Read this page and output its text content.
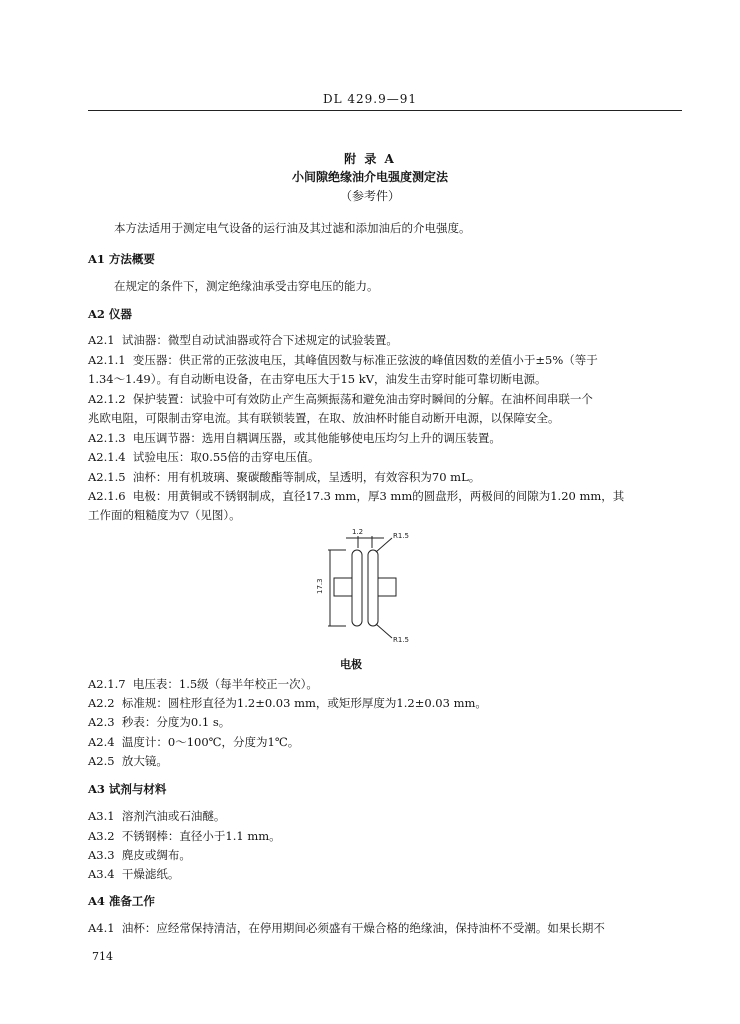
DL 429.9—91
附 录 A
小间隙绝缘油介电强度测定法
（参考件）
本方法适用于测定电气设备的运行油及其过滤和添加油后的介电强度。
A1 方法概要
在规定的条件下，测定绝缘油承受击穿电压的能力。
A2 仪器
A2.1 试油器：微型自动试油器或符合下述规定的试验装置。
A2.1.1 变压器：供正常的正弦波电压，其峰值因数与标准正弦波的峰值因数的差值小于±5%（等于
1.34～1.49）。有自动断电设备，在击穿电压大于15 kV，油发生击穿时能可靠切断电源。
A2.1.2 保护装置：试验中可有效防止产生高频振荡和避免油击穿时瞬间的分解。在油杯间串联一个
兆欧电阻，可限制击穿电流。其有联锁装置，在取、放油杯时能自动断开电源，以保障安全。
A2.1.3 电压调节器：选用自耦调压器，或其他能够使电压均匀上升的调压装置。
A2.1.4 试验电压：取0.55倍的击穿电压值。
A2.1.5 油杯：用有机玻璃、聚碳酸酯等制成，呈透明，有效容积为70 mL。
A2.1.6 电极：用黄铜或不锈钢制成，直径17.3 mm，厚3 mm的圆盘形，两极间的间隙为1.20 mm，其
工作面的粗糙度为▽（见图）。
1.2
17.3
R1.5
R1.5
电极
A2.1.7 电压表：1.5级（每半年校正一次）。
A2.2 标准规：圆柱形直径为1.2±0.03 mm，或矩形厚度为1.2±0.03 mm。
A2.3 秒表：分度为0.1 s。
A2.4 温度计：0～100℃，分度为1℃。
A2.5 放大镜。
A3 试剂与材料
A3.1 溶剂汽油或石油醚。
A3.2 不锈钢棒：直径小于1.1 mm。
A3.3 麂皮或绸布。
A3.4 干燥滤纸。
A4 准备工作
A4.1 油杯：应经常保持清洁，在停用期间必须盛有干燥合格的绝缘油，保持油杯不受潮。如果长期不
714
